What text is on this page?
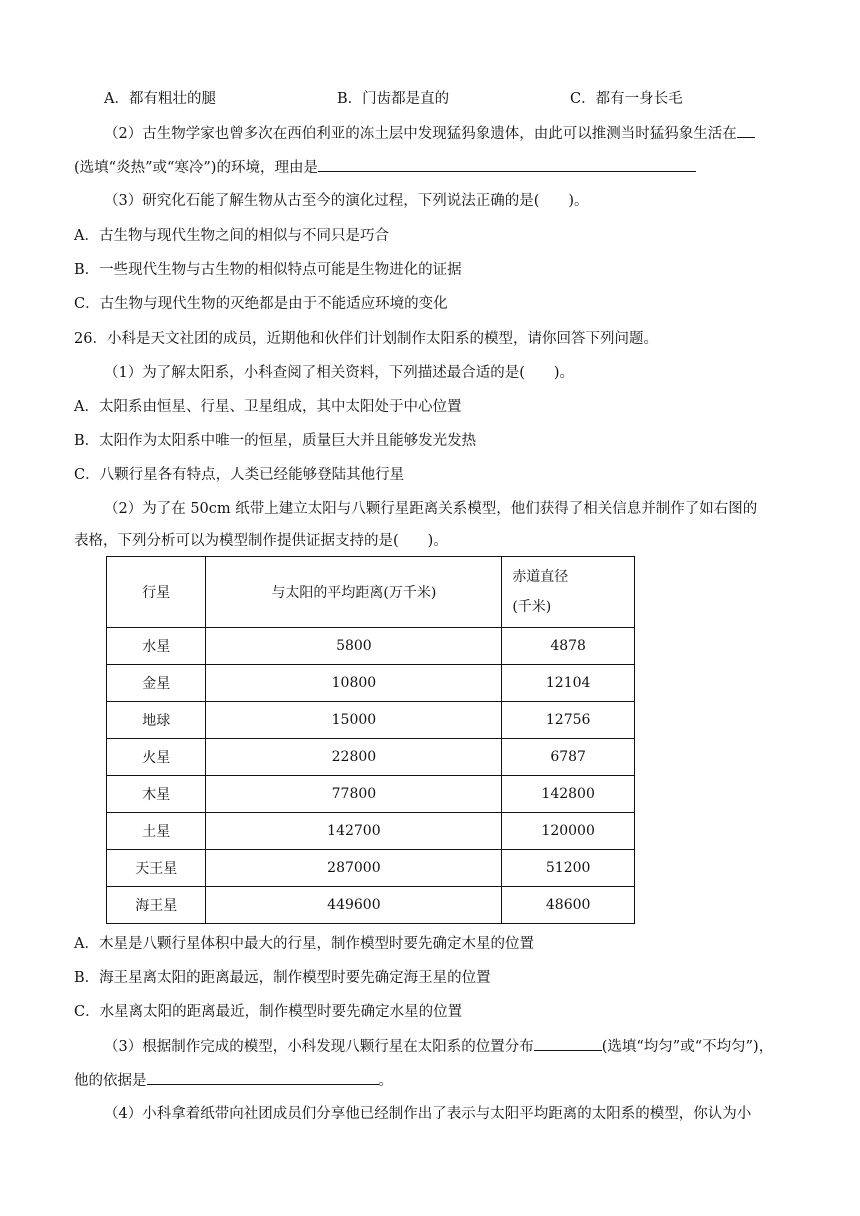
A．都有粗壮的腿	B．门齿都是直的	C．都有一身长毛
（2）古生物学家也曾多次在西伯利亚的冻土层中发现猛犸象遗体，由此可以推测当时猛犸象生活在
(选填“炎热”或“寒冷”)的环境，理由是
（3）研究化石能了解生物从古至今的演化过程，下列说法正确的是(　　)。
A．古生物与现代生物之间的相似与不同只是巧合
B．一些现代生物与古生物的相似特点可能是生物进化的证据
C．古生物与现代生物的灭绝都是由于不能适应环境的变化
26．小科是天文社团的成员，近期他和伙伴们计划制作太阳系的模型，请你回答下列问题。
（1）为了解太阳系，小科查阅了相关资料，下列描述最合适的是(　　)。
A．太阳系由恒星、行星、卫星组成，其中太阳处于中心位置
B．太阳作为太阳系中唯一的恒星，质量巨大并且能够发光发热
C．八颗行星各有特点，人类已经能够登陆其他行星
（2）为了在 50cm 纸带上建立太阳与八颗行星距离关系模型，他们获得了相关信息并制作了如右图的
表格，下列分析可以为模型制作提供证据支持的是(　　)。
行星	与太阳的平均距离(万千米)	赤道直径
(千米)

水星	5800	4878
金星	10800	12104
地球	15000	12756
火星	22800	6787
木星	77800	142800
土星	142700	120000
天王星	287000	51200
海王星	449600	48600
A．木星是八颗行星体积中最大的行星，制作模型时要先确定木星的位置
B．海王星离太阳的距离最远，制作模型时要先确定海王星的位置
C．水星离太阳的距离最近，制作模型时要先确定水星的位置
（3）根据制作完成的模型，小科发现八颗行星在太阳系的位置分布	(选填“均匀”或“不均匀”)，
他的依据是	。
（4）小科拿着纸带向社团成员们分享他已经制作出了表示与太阳平均距离的太阳系的模型，你认为小
